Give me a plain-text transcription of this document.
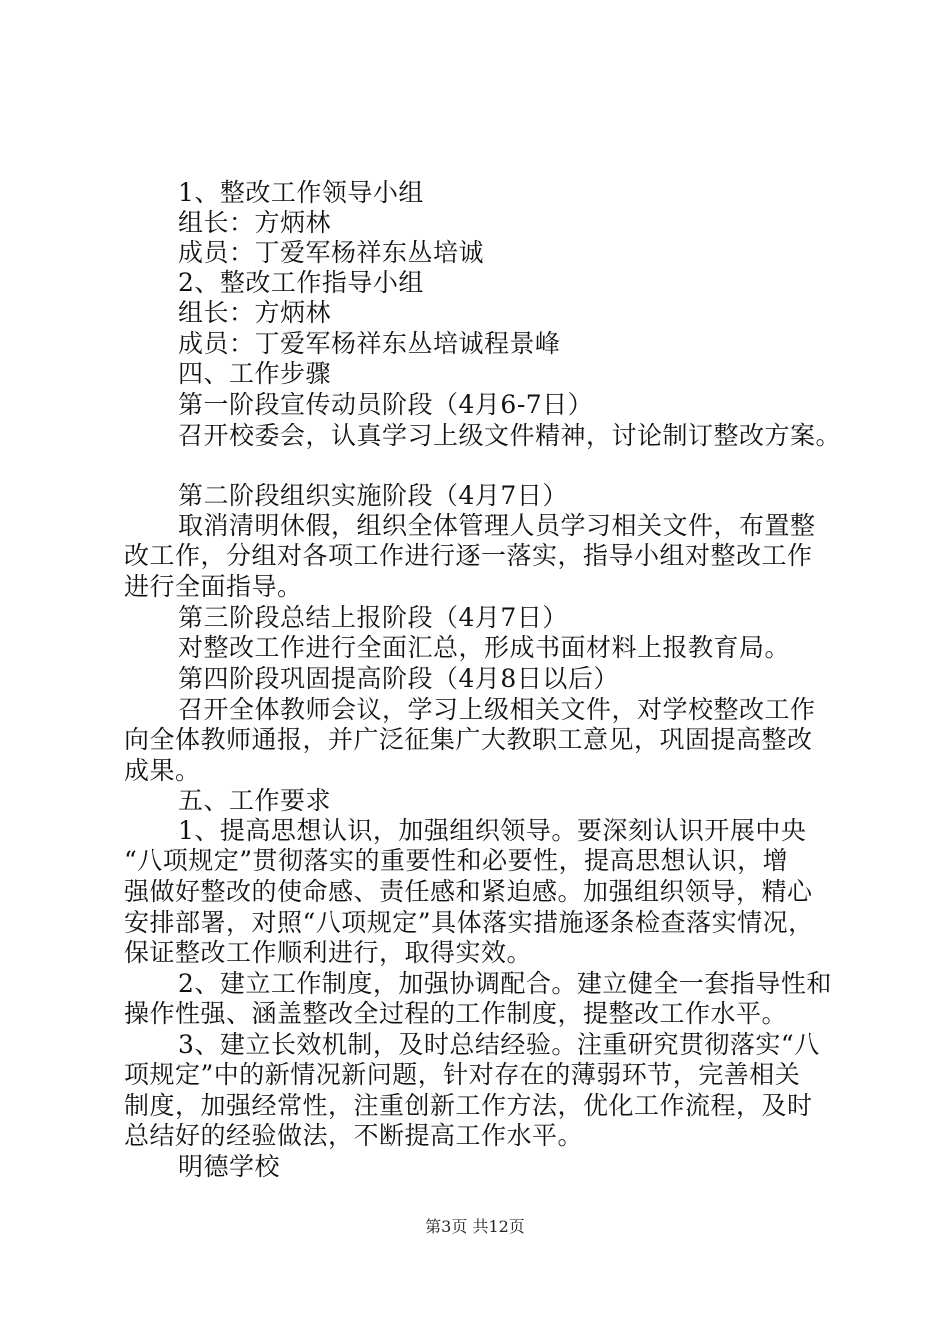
1、整改工作领导小组
组长：方炳林
成员：丁爱军杨祥东丛培诚
2、整改工作指导小组
组长：方炳林
成员：丁爱军杨祥东丛培诚程景峰
四、工作步骤
第一阶段宣传动员阶段（4月6-7日）
召开校委会，认真学习上级文件精神，讨论制订整改方案。
第二阶段组织实施阶段（4月7日）
取消清明休假，组织全体管理人员学习相关文件，布置整
改工作，分组对各项工作进行逐一落实，指导小组对整改工作
进行全面指导。
第三阶段总结上报阶段（4月7日）
对整改工作进行全面汇总，形成书面材料上报教育局。
第四阶段巩固提高阶段（4月8日以后）
召开全体教师会议，学习上级相关文件，对学校整改工作
向全体教师通报，并广泛征集广大教职工意见，巩固提高整改
成果。
五、工作要求
1、提高思想认识，加强组织领导。要深刻认识开展中央
“八项规定”贯彻落实的重要性和必要性，提高思想认识，增
强做好整改的使命感、责任感和紧迫感。加强组织领导，精心
安排部署，对照“八项规定”具体落实措施逐条检查落实情况，
保证整改工作顺利进行，取得实效。
2、建立工作制度，加强协调配合。建立健全一套指导性和
操作性强、涵盖整改全过程的工作制度，提整改工作水平。
3、建立长效机制，及时总结经验。注重研究贯彻落实“八
项规定”中的新情况新问题，针对存在的薄弱环节，完善相关
制度，加强经常性，注重创新工作方法，优化工作流程，及时
总结好的经验做法，不断提高工作水平。
明德学校
第3页 共12页
